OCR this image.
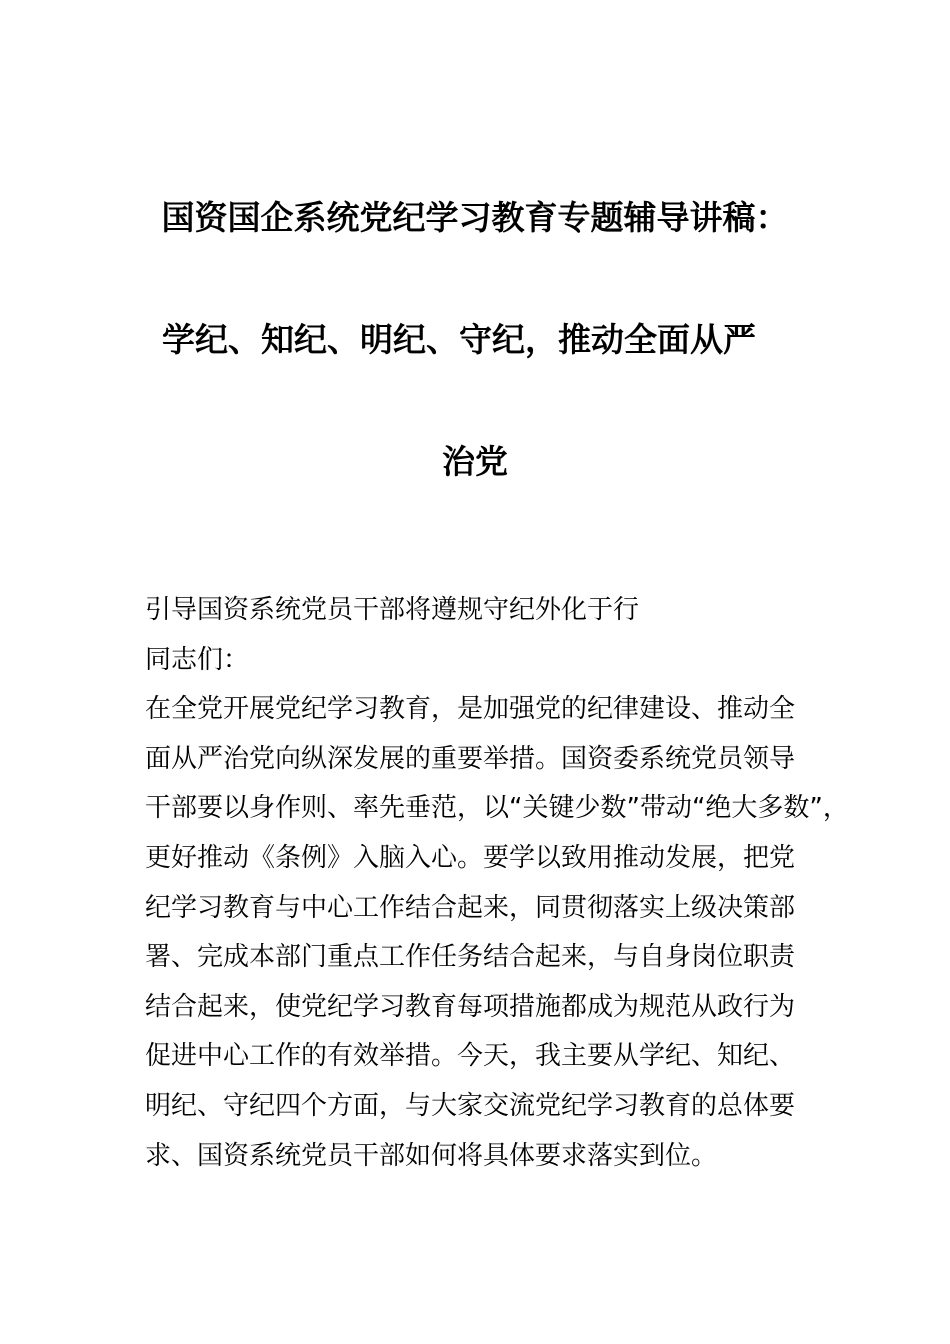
国资国企系统党纪学习教育专题辅导讲稿：
学纪、知纪、明纪、守纪，推动全面从严
治党
引导国资系统党员干部将遵规守纪外化于行
同志们：
在全党开展党纪学习教育，是加强党的纪律建设、推动全
面从严治党向纵深发展的重要举措。国资委系统党员领导
干部要以身作则、率先垂范，以“关键少数”带动“绝大多数”，
更好推动《条例》入脑入心。要学以致用推动发展，把党
纪学习教育与中心工作结合起来，同贯彻落实上级决策部
署、完成本部门重点工作任务结合起来，与自身岗位职责
结合起来，使党纪学习教育每项措施都成为规范从政行为
促进中心工作的有效举措。今天，我主要从学纪、知纪、
明纪、守纪四个方面，与大家交流党纪学习教育的总体要
求、国资系统党员干部如何将具体要求落实到位。
